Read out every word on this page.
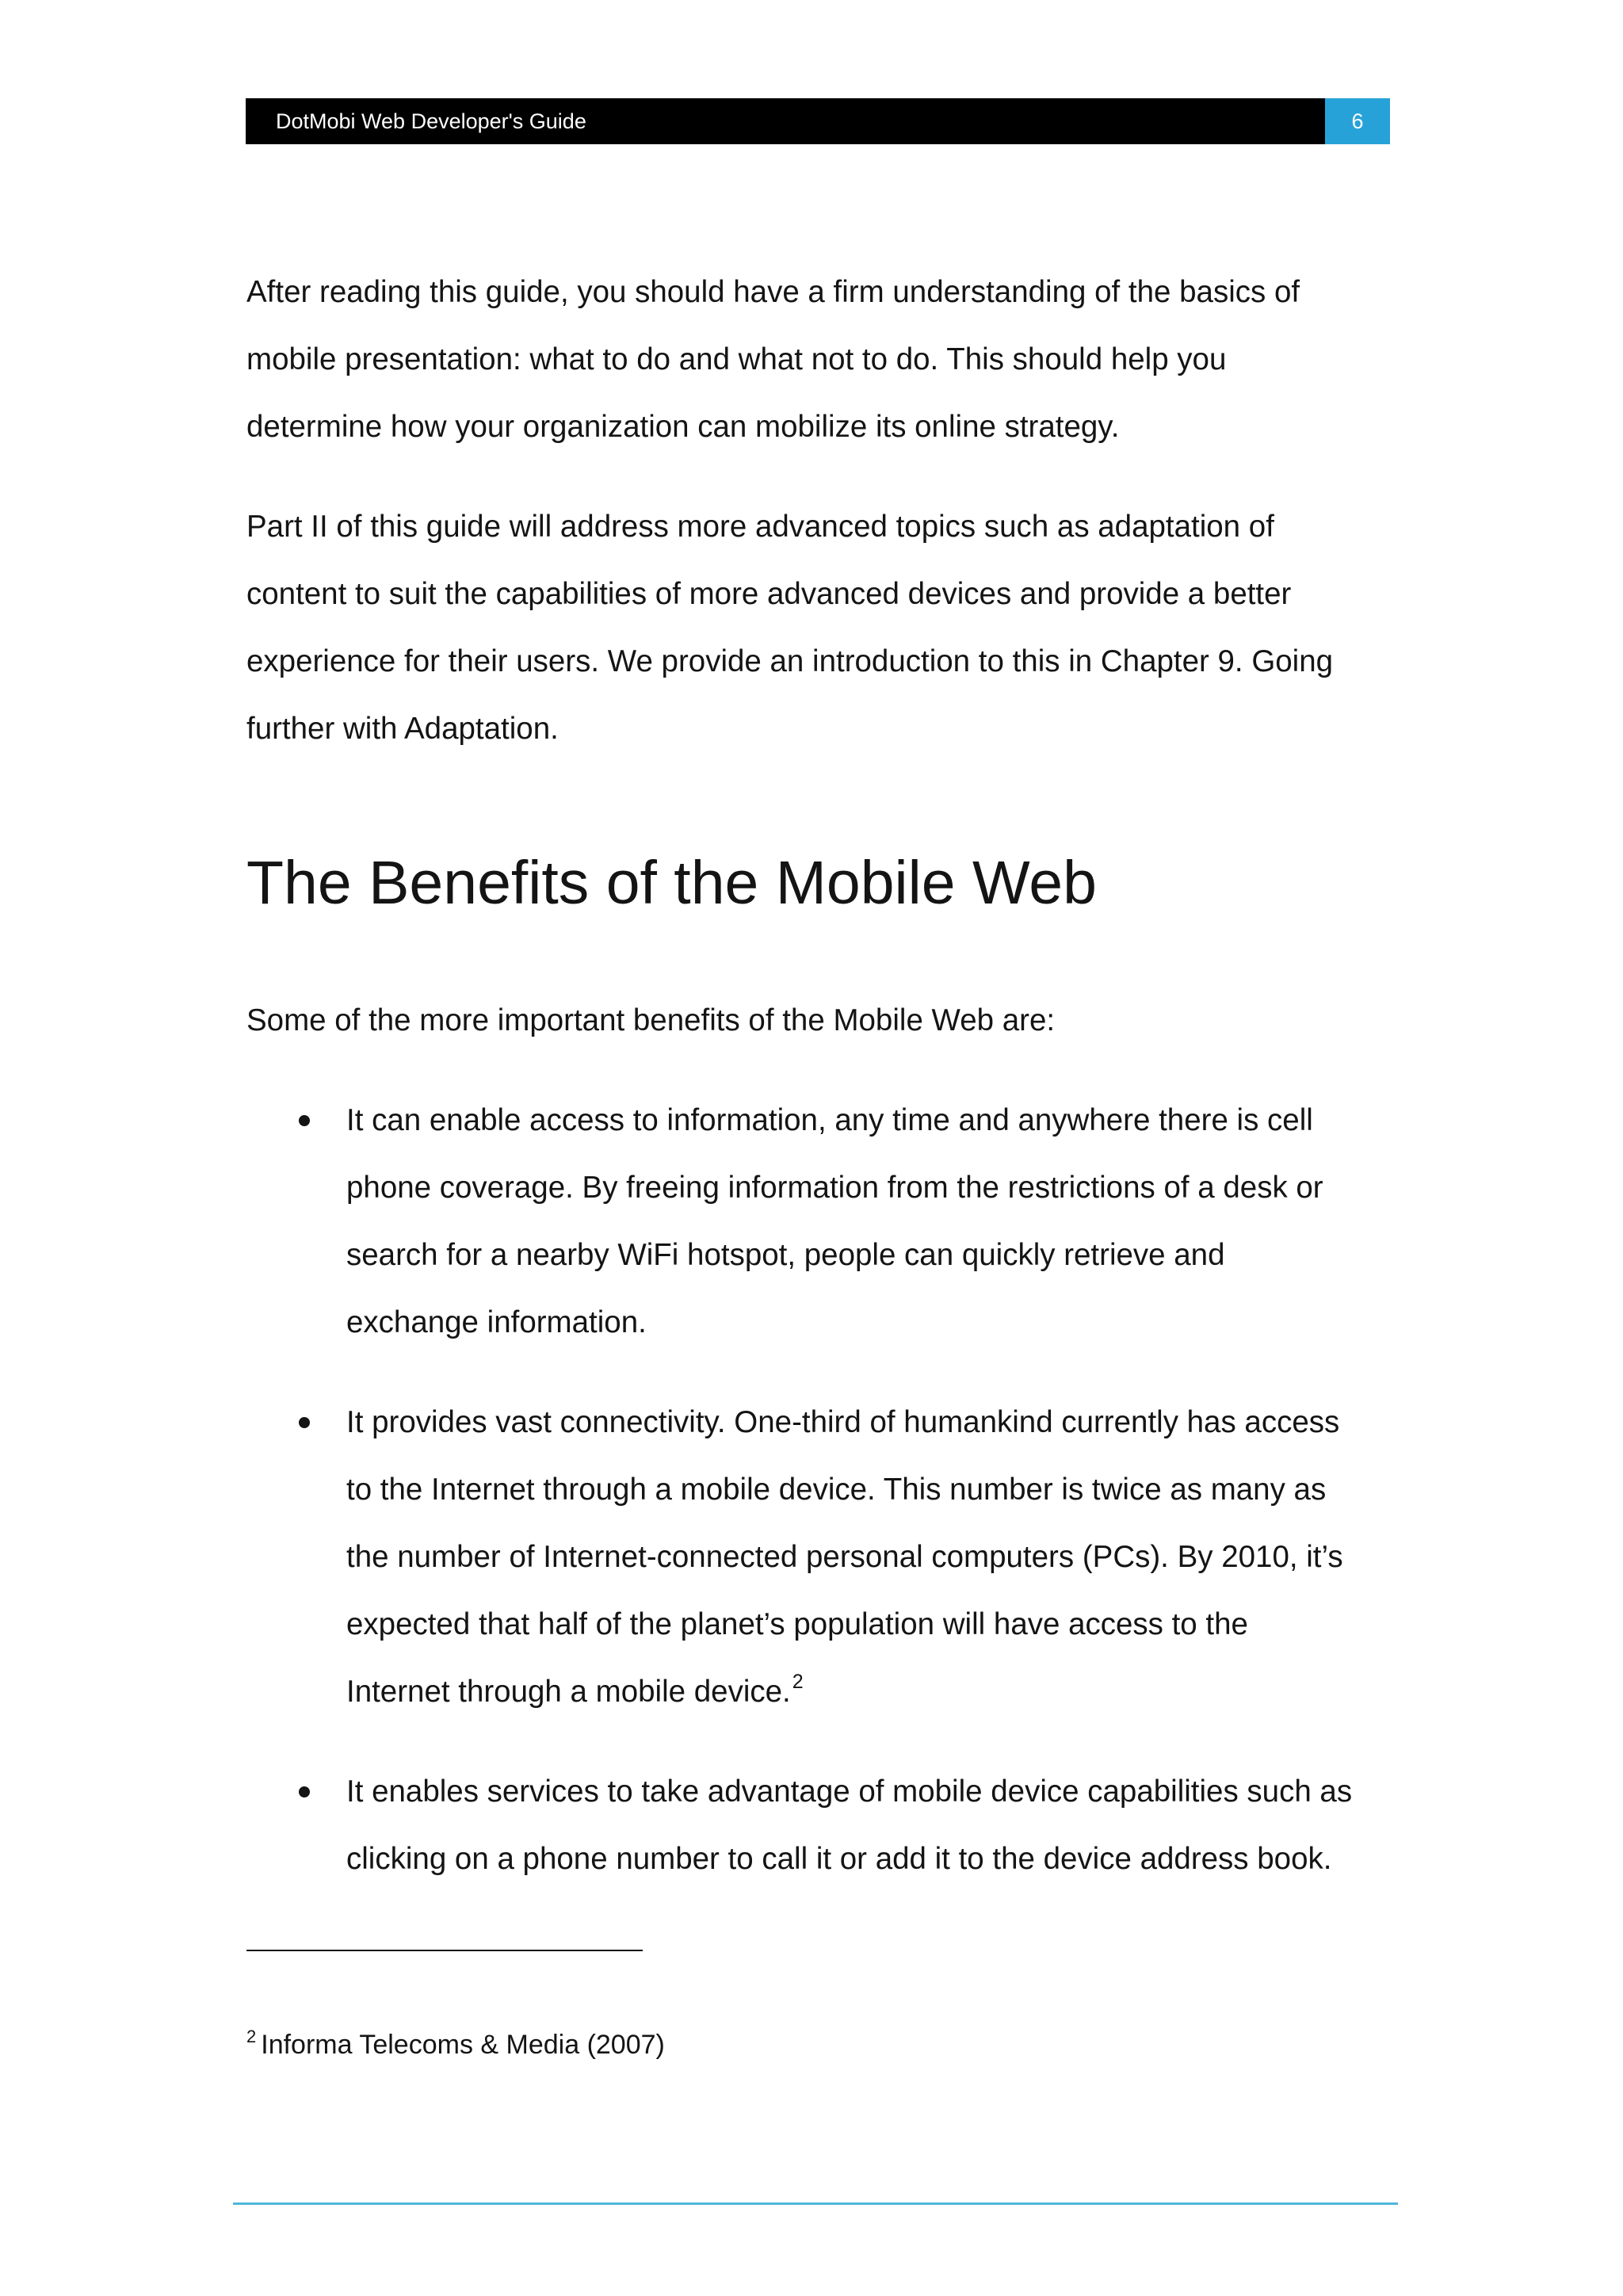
DotMobi Web Developer's Guide	6

After reading this guide, you should have a firm understanding of the basics of
mobile presentation: what to do and what not to do. This should help you
determine how your organization can mobilize its online strategy.

Part II of this guide will address more advanced topics such as adaptation of
content to suit the capabilities of more advanced devices and provide a better
experience for their users. We provide an introduction to this in Chapter 9. Going
further with Adaptation.

The Benefits of the Mobile Web

Some of the more important benefits of the Mobile Web are:

It can enable access to information, any time and anywhere there is cell
phone coverage. By freeing information from the restrictions of a desk or
search for a nearby WiFi hotspot, people can quickly retrieve and
exchange information.
It provides vast connectivity. One-third of humankind currently has access
to the Internet through a mobile device. This number is twice as many as
the number of Internet-connected personal computers (PCs). By 2010, it’s
expected that half of the planet’s population will have access to the
Internet through a mobile device.$^2$
It enables services to take advantage of mobile device capabilities such as
clicking on a phone number to call it or add it to the device address book.
$^2$ Informa Telecoms & Media (2007)
